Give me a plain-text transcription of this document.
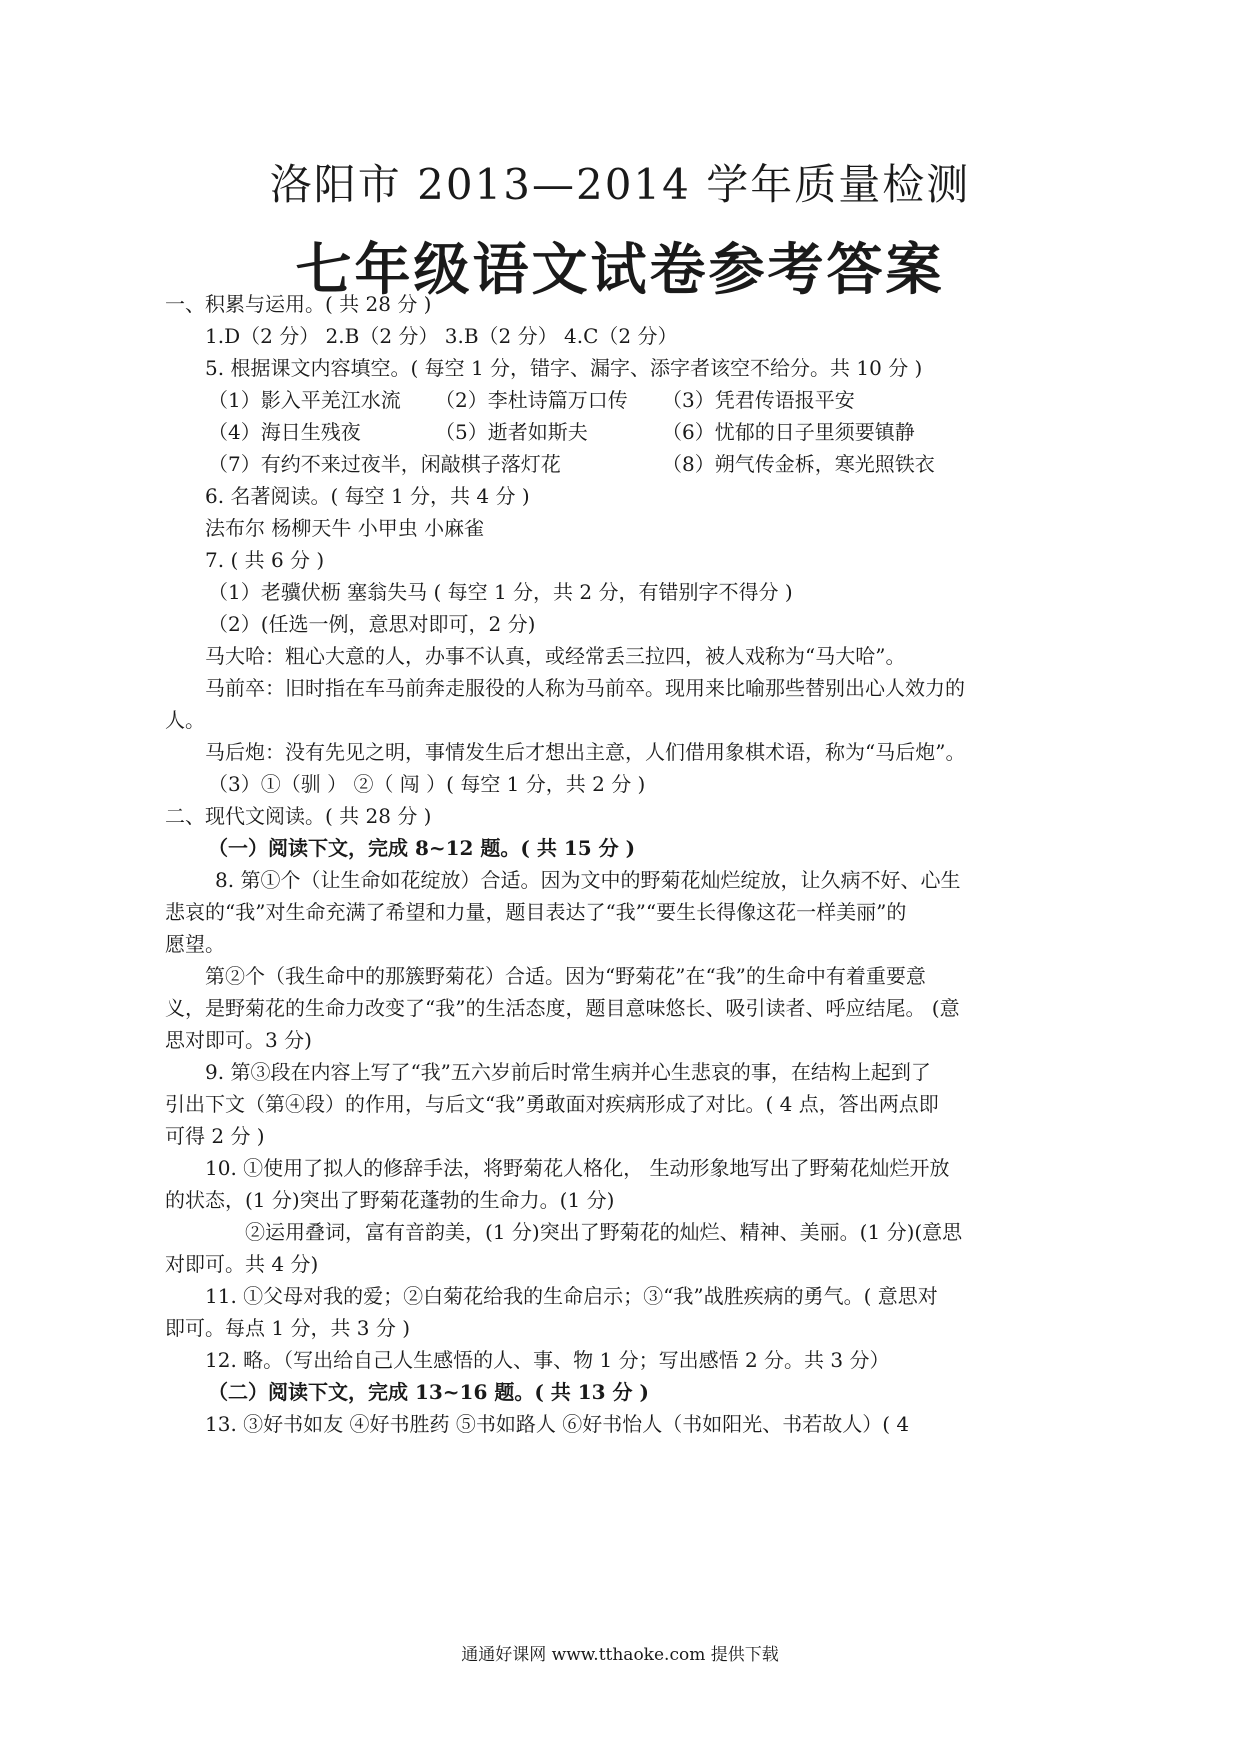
洛阳市 2013—2014 学年质量检测
七年级语文试卷参考答案
一、积累与运用。( 共 28 分 )
1.D（2 分） 2.B（2 分） 3.B（2 分） 4.C（2 分）
5. 根据课文内容填空。( 每空 1 分，错字、漏字、添字者该空不给分。共 10 分 )
（1）影入平羌江水流 （2）李杜诗篇万口传 （3）凭君传语报平安
（4）海日生残夜	（5）逝者如斯夫	（6）忧郁的日子里须要镇静
（7）有约不来过夜半，闲敲棋子落灯花	（8）朔气传金柝，寒光照铁衣
6. 名著阅读。( 每空 1 分，共 4 分 )
法布尔 杨柳天牛 小甲虫 小麻雀
7. ( 共 6 分 )
（1）老骥伏枥 塞翁失马 ( 每空 1 分，共 2 分，有错别字不得分 )
（2）(任选一例，意思对即可，2 分)
马大哈：粗心大意的人，办事不认真，或经常丢三拉四，被人戏称为“马大哈”。
马前卒：旧时指在车马前奔走服役的人称为马前卒。现用来比喻那些替别出心人效力的
人。
马后炮：没有先见之明，事情发生后才想出主意，人们借用象棋术语，称为“马后炮”。
（3）①（驯 ） ②（ 闯 ）( 每空 1 分，共 2 分 )
二、现代文阅读。( 共 28 分 )
（一）阅读下文，完成 8~12 题。( 共 15 分 )
8. 第①个（让生命如花绽放）合适。因为文中的野菊花灿烂绽放，让久病不好、心生
悲哀的“我”对生命充满了希望和力量，题目表达了“我”“要生长得像这花一样美丽”的
愿望。
第②个（我生命中的那簇野菊花）合适。因为“野菊花”在“我”的生命中有着重要意
义，是野菊花的生命力改变了“我”的生活态度，题目意味悠长、吸引读者、呼应结尾。 (意
思对即可。3 分)
9. 第③段在内容上写了“我”五六岁前后时常生病并心生悲哀的事，在结构上起到了
引出下文（第④段）的作用，与后文“我”勇敢面对疾病形成了对比。( 4 点，答出两点即
可得 2 分 )
10. ①使用了拟人的修辞手法，将野菊花人格化， 生动形象地写出了野菊花灿烂开放
的状态，(1 分)突出了野菊花蓬勃的生命力。(1 分)
②运用叠词，富有音韵美，(1 分)突出了野菊花的灿烂、精神、美丽。(1 分)(意思
对即可。共 4 分)
11. ①父母对我的爱；②白菊花给我的生命启示；③“我”战胜疾病的勇气。( 意思对
即可。每点 1 分，共 3 分 )
12. 略。（写出给自己人生感悟的人、事、物 1 分；写出感悟 2 分。共 3 分）
（二）阅读下文，完成 13~16 题。( 共 13 分 )
13. ③好书如友 ④好书胜药 ⑤书如路人 ⑥好书怡人（书如阳光、书若故人）( 4
通通好课网 www.tthaoke.com 提供下载
